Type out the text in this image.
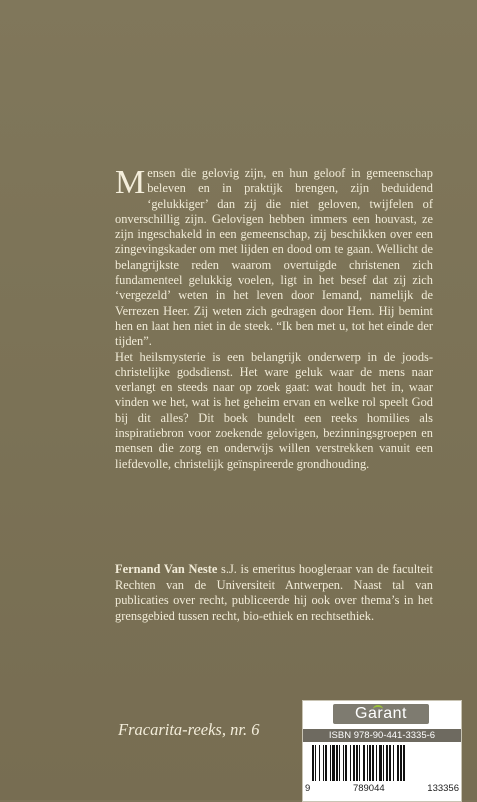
Mensen die gelovig zijn, en hun geloof in gemeenschap beleven en in praktijk brengen, zijn beduidend ‘gelukkiger’ dan zij die niet geloven, twijfelen of onverschillig zijn. Gelovigen hebben immers een houvast, ze zijn ingeschakeld in een gemeenschap, zij beschikken over een zingevingskader om met lijden en dood om te gaan. Wellicht de belangrijkste reden waarom overtuigde christenen zich fundamenteel gelukkig voelen, ligt in het besef dat zij zich ‘vergezeld’ weten in het leven door Iemand, namelijk de Verrezen Heer. Zij weten zich gedragen door Hem. Hij bemint hen en laat hen niet in de steek. “Ik ben met u, tot het einde der tijden”.

Het heilsmysterie is een belangrijk onderwerp in de joods-christelijke godsdienst. Het ware geluk waar de mens naar verlangt en steeds naar op zoek gaat: wat houdt het in, waar vinden we het, wat is het geheim ervan en welke rol speelt God bij dit alles? Dit boek bundelt een reeks homilies als inspiratiebron voor zoekende gelovigen, bezinningsgroepen en mensen die zorg en onderwijs willen verstrekken vanuit een liefdevolle, christelijk geïnspireerde grondhouding.

Fernand Van Neste s.J. is emeritus hoogleraar van de faculteit Rechten van de Universiteit Antwerpen. Naast tal van publicaties over recht, publiceerde hij ook over thema’s in het grensgebied tussen recht, bio-ethiek en rechtsethiek.

Fracarita-reeks, nr. 6
Garant
ISBN 978-90-441-3335-6
9	789044	133356
